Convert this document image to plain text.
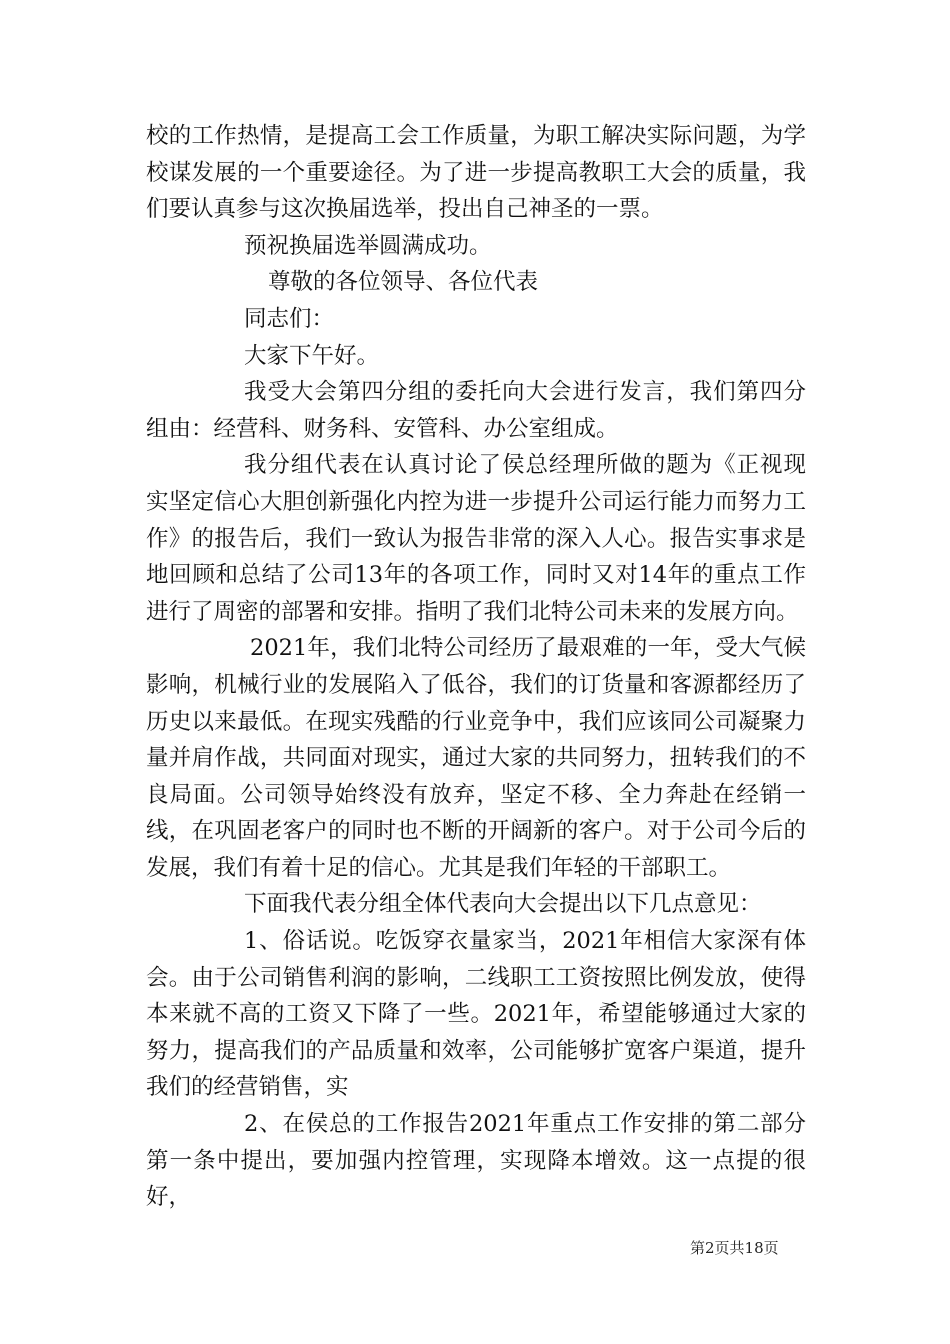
校的工作热情，是提高工会工作质量，为职工解决实际问题，为学校谋发展的一个重要途径。为了进一步提高教职工大会的质量，我们要认真参与这次换届选举，投出自己神圣的一票。

预祝换届选举圆满成功。

尊敬的各位领导、各位代表

同志们：

大家下午好。

我受大会第四分组的委托向大会进行发言，我们第四分组由：经营科、财务科、安管科、办公室组成。

我分组代表在认真讨论了侯总经理所做的题为《正视现实坚定信心大胆创新强化内控为进一步提升公司运行能力而努力工作》的报告后，我们一致认为报告非常的深入人心。报告实事求是地回顾和总结了公司13年的各项工作，同时又对14年的重点工作进行了周密的部署和安排。指明了我们北特公司未来的发展方向。

2021年，我们北特公司经历了最艰难的一年，受大气候影响，机械行业的发展陷入了低谷，我们的订货量和客源都经历了历史以来最低。在现实残酷的行业竞争中，我们应该同公司凝聚力量并肩作战，共同面对现实，通过大家的共同努力，扭转我们的不良局面。公司领导始终没有放弃，坚定不移、全力奔赴在经销一线，在巩固老客户的同时也不断的开阔新的客户。对于公司今后的发展，我们有着十足的信心。尤其是我们年轻的干部职工。

下面我代表分组全体代表向大会提出以下几点意见：

1、俗话说。吃饭穿衣量家当，2021年相信大家深有体会。由于公司销售利润的影响，二线职工工资按照比例发放，使得本来就不高的工资又下降了一些。2021年，希望能够通过大家的努力，提高我们的产品质量和效率，公司能够扩宽客户渠道，提升我们的经营销售，实

2、在侯总的工作报告2021年重点工作安排的第二部分第一条中提出，要加强内控管理，实现降本增效。这一点提的很好，

第2页共18页
